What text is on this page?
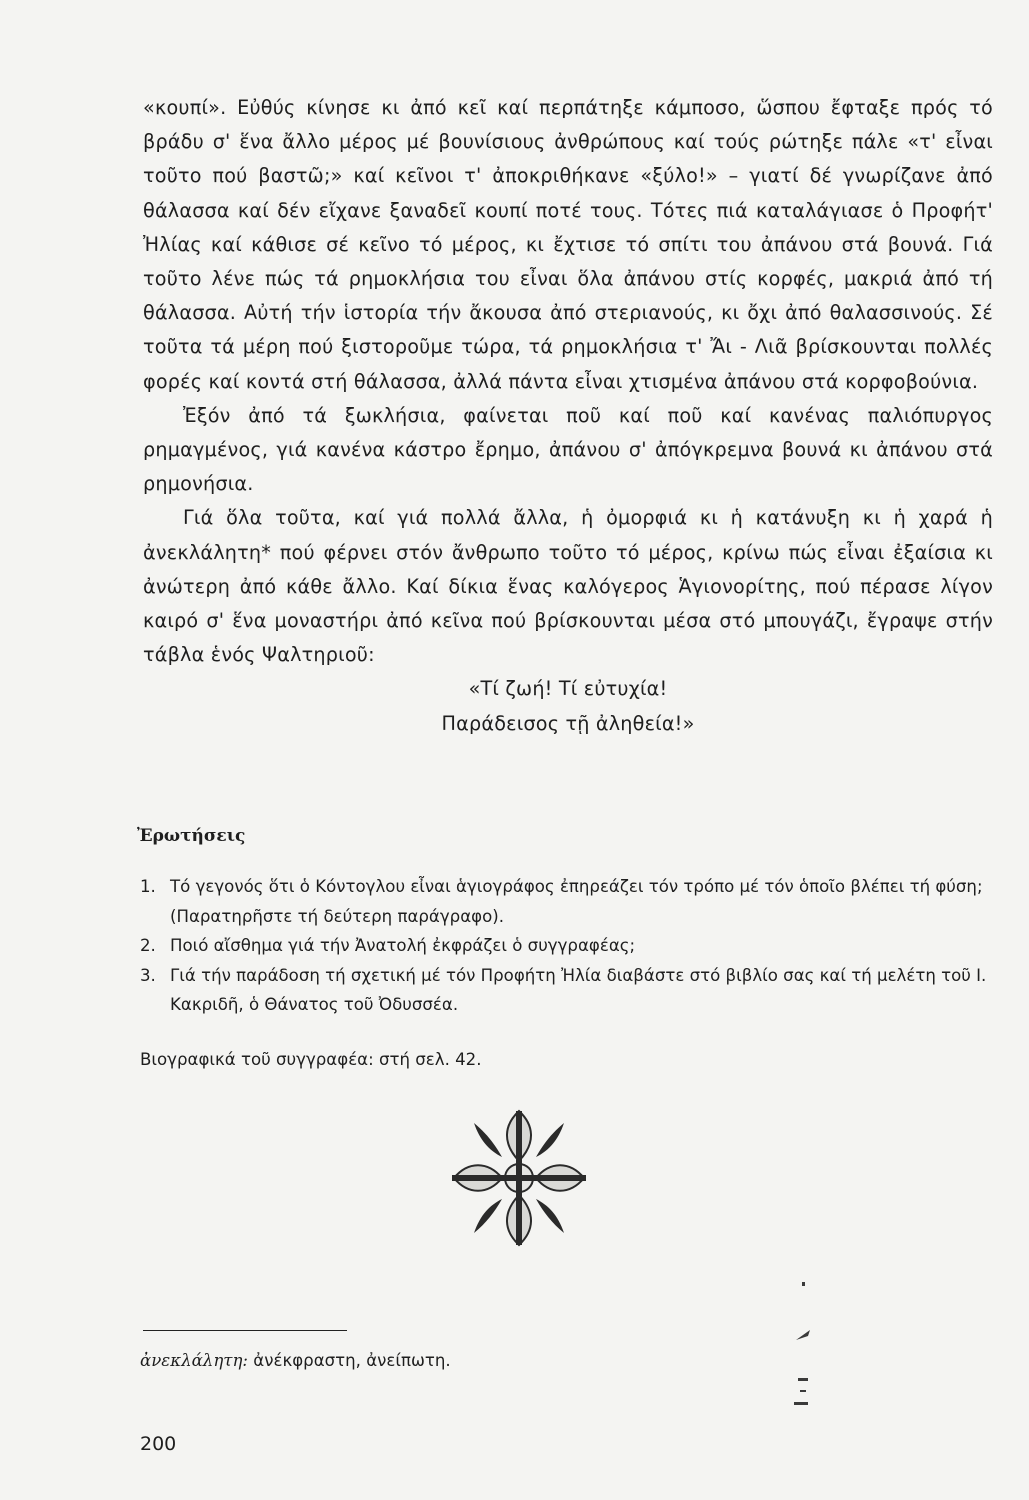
«κουπί». Εὐθύς κίνησε κι ἀπό κεῖ καί περπάτηξε κάμποσο, ὥσπου ἔφταξε πρός τό βράδυ σ' ἕνα ἄλλο μέρος μέ βουνίσιους ἀνθρώπους καί τούς ρώτηξε πάλε «τ' εἶναι τοῦτο πού βαστῶ;» καί κεῖνοι τ' ἀποκριθήκανε «ξύλο!» – γιατί δέ γνωρίζανε ἀπό θάλασσα καί δέν εἴχανε ξαναδεῖ κουπί ποτέ τους. Τότες πιά καταλάγιασε ὁ Προφήτ' Ἠλίας καί κάθισε σέ κεῖνο τό μέρος, κι ἔχτισε τό σπίτι του ἀπάνου στά βουνά. Γιά τοῦτο λένε πώς τά ρημοκλήσια του εἶναι ὅλα ἀπάνου στίς κορφές, μακριά ἀπό τή θάλασσα. Αὐτή τήν ἱστορία τήν ἄκουσα ἀπό στεριανούς, κι ὄχι ἀπό θαλασσινούς. Σέ τοῦτα τά μέρη πού ξιστοροῦμε τώρα, τά ρημοκλήσια τ' Ἄι - Λιᾶ βρίσκουνται πολλές φορές καί κοντά στή θάλασσα, ἀλλά πάντα εἶναι χτισμένα ἀπάνου στά κορφοβούνια.

Ἐξόν ἀπό τά ξωκλήσια, φαίνεται ποῦ καί ποῦ καί κανένας παλιόπυργος ρημαγμένος, γιά κανένα κάστρο ἔρημο, ἀπάνου σ' ἀπόγκρεμνα βουνά κι ἀπάνου στά ρημονήσια.

Γιά ὅλα τοῦτα, καί γιά πολλά ἄλλα, ἡ ὀμορφιά κι ἡ κατάνυξη κι ἡ χαρά ἡ ἀνεκλάλητη* πού φέρνει στόν ἄνθρωπο τοῦτο τό μέρος, κρίνω πώς εἶναι ἐξαίσια κι ἀνώτερη ἀπό κάθε ἄλλο. Καί δίκια ἕνας καλόγερος Ἁγιονορίτης, πού πέρασε λίγον καιρό σ' ἕνα μοναστήρι ἀπό κεῖνα πού βρίσκουνται μέσα στό μπουγάζι, ἔγραψε στήν τάβλα ἑνός Ψαλτηριοῦ:

«Τί ζωή! Τί εὐτυχία!

Παράδεισος τῇ ἀληθεία!»

Ἐρωτήσεις
1. Τό γεγονός ὅτι ὁ Κόντογλου εἶναι ἁγιογράφος ἐπηρεάζει τόν τρόπο μέ τόν ὁποῖο βλέπει τή φύση; (Παρατηρῆστε τή δεύτερη παράγραφο).
2. Ποιό αἴσθημα γιά τήν Ἀνατολή ἐκφράζει ὁ συγγραφέας;
3. Γιά τήν παράδοση τή σχετική μέ τόν Προφήτη Ἠλία διαβάστε στό βιβλίο σας καί τή μελέτη τοῦ Ι. Κακριδῆ, ὁ Θάνατος τοῦ Ὀδυσσέα.
Βιογραφικά τοῦ συγγραφέα: στή σελ. 42.
ἀνεκλάλητη: ἀνέκφραστη, ἀνείπωτη.
200
